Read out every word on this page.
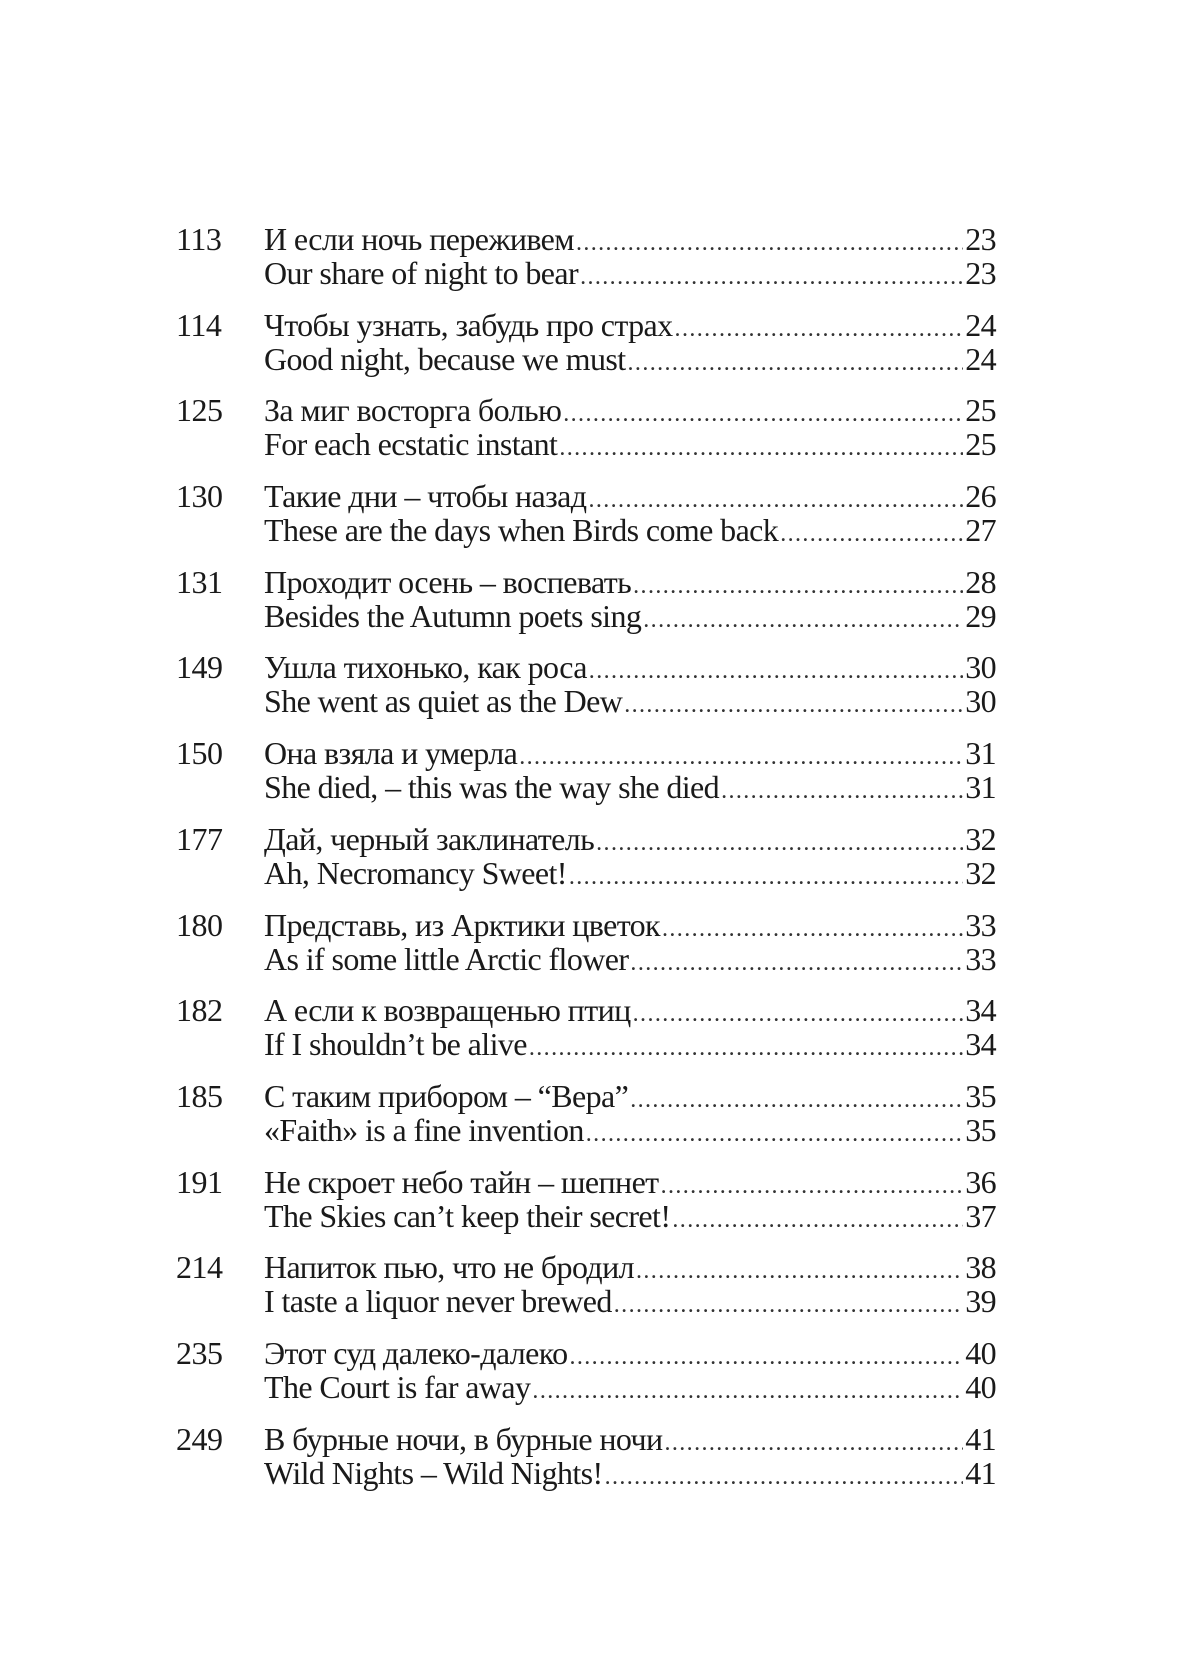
113 И если ночь переживем .....	23
Our share of night to bear .....	23
114 Чтобы узнать, забудь про страх .....	24
Good night, because we must .....	24
125 За миг восторга болью .....	25
For each ecstatic instant .....	25
130 Такие дни – чтобы назад .....	26
These are the days when Birds come back .....	27
131 Проходит осень – воспевать .....	28
Besides the Autumn poets sing .....	29
149 Ушла тихонько, как роса .....	30
She went as quiet as the Dew .....	30
150 Она взяла и умерла .....	31
She died, – this was the way she died .....	31
177 Дай, черный заклинатель .....	32
Ah, Necromancy Sweet! .....	32
180 Представь, из Арктики цветок .....	33
As if some little Arctic flower .....	33
182 А если к возвращенью птиц .....	34
If I shouldn’t be alive .....	34
185 С таким прибором – “Вера” .....	35
«Faith» is a fine invention .....	35
191 Не скроет небо тайн – шепнет .....	36
The Skies can’t keep their secret! .....	37
214 Напиток пью, что не бродил .....	38
I taste a liquor never brewed .....	39
235 Этот суд далеко-далеко .....	40
The Court is far away .....	40
249 В бурные ночи, в бурные ночи .....	41
Wild Nights – Wild Nights! .....	41
